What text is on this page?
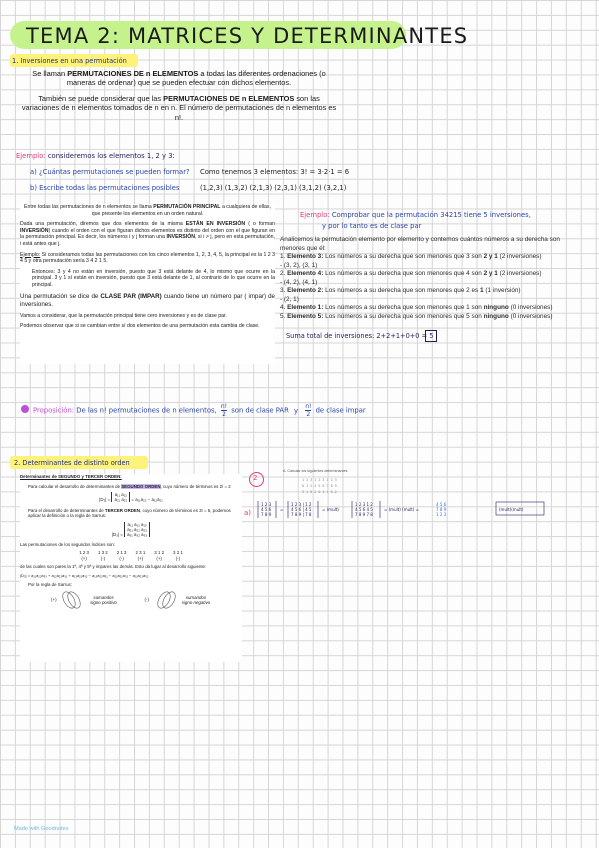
TEMA 2: MATRICES Y DETERMINANTES
1. Inversiones en una permutación

Se llaman PERMUTACIONES DE n ELEMENTOS a todas las diferentes ordenaciones (o maneras de ordenar) que se pueden efectuar con dichos elementos.

También se puede considerar que las PERMUTACIONES DE n ELEMENTOS son las variaciones de n elementos tomados de n en n. El número de permutaciones de n elementos es n!.

Ejemplo: consideremos los elementos 1, 2 y 3:
a) ¿Cuántas permutaciones se pueden formar? Como tenemos 3 elementos: 3! = 3·2·1 = 6
b) Escribe todas las permutaciones posibles	(1,2,3) (1,3,2) (2,1,3) (2,3,1) (3,1,2) (3,2,1)

Entre todas las permutaciones de n elementos se llama PERMUTACIÓN PRINCIPAL a cualquiera de ellas, que presente los elementos en un orden natural.

Dada una permutación, diremos que dos elementos de la misma ESTÁN EN INVERSIÓN ( o forman INVERSIÓN) cuando el orden con el que figuran dichos elementos es distinto del orden con el que figuran en la permutación principal. Es decir, los números i y j forman una INVERSIÓN, si i > j, pero en esta permutación, i está antes que j.

Ejemplo: Si consideramos todas las permutaciones con los cinco elementos 1, 2, 3, 4, 5, la principal es la 1 2 3 4 5 y otra permutación sería 3 4 2 1 5.

Entonces: 3 y 4 no están en inversión, puesto que 3 está delante de 4, lo mismo que ocurre en la principal. 3 y 1 sí están en inversión, puesto que 3 está delante de 1, al contrario de lo que ocurre en la principal.

Una permutación se dice de CLASE PAR (IMPAR) cuando tiene un número par ( impar) de inversiones.

Vamos a considerar, que la permutación principal tiene cero inversiones y es de clase par.

Podemos observar que si se cambian entre sí dos elementos de una permutación esta cambia de clase.

Ejemplo: Comprobar que la permutación 34215 tiene 5 inversiones,
y por lo tanto es de clase par
Analicemos la permutación elemento por elemento y contemos cuántos números a su derecha son
menores que él:
1. Elemento 3: Los números a su derecha que son menores que 3 son 2 y 1 (2 inversiones)
- (3, 2), (3, 1)
2. Elemento 4: Los números a su derecha que son menores que 4 son 2 y 1 (2 inversiones)
- (4, 2), (4, 1)
3. Elemento 2: Los números a su derecha que son menores que 2 es 1 (1 inversión)
- (2, 1)
4. Elemento 1: Los números a su derecha que son menores que 1 son ninguno (0 inversiones)
5. Elemento 5: Los números a su derecha que son menores que 5 son ninguno (0 inversiones)
Suma total de inversiones: 2+2+1+0+0 = 5
Proposición: De las n! permutaciones de n elementos, $\frac{n!}{2}$ son de clase PAR y $\frac{n!}{2}$ de clase impar
2. Determinantes de distinto orden

Determinantes de SEGUNDO y TERCER ORDEN:

Para calcular el desarrollo de determinantes de SEGUNDO ORDEN, cuyo número de términos es 2! = 2

|D₂| =
a₁₁ a₁₂
a₂₁ a₂₂ = a₁₁a₂₂ − a₁₂a₂₁

Para el desarrollo de determinantes de TERCER ORDEN, cuyo número de términos es 3! = 6, podemos aplicar la definición o la regla de Sarrus:

|D₃| =
a₁₁ a₁₂ a₁₃
a₂₁ a₂₂ a₂₃
a₃₁ a₃₂ a₃₃

Las permutaciones de los segundos índices son:

1 2 3
(+)
1 3 2
(-)
2 1 3
(-)
2 3 1
(+)
3 1 2
(+)
3 2 1
(-)

de las cuales son pares la 1ª, 4ª y 5ª y impares las demás. Esto da lugar al desarrollo siguiente:

|D₃| = a₁₁a₂₂a₃₃ + a₁₂a₂₃a₃₁ + a₁₃a₂₁a₃₂ − a₁₃a₂₂a₃₁ − a₁₂a₂₁a₃₃ − a₁₁a₂₃a₃₂

Por la regla de Sarrus:

(+)
sumandos signo positivo
(-)
sumandos signo negativo
2
A. Calcular los siguientes determinantes:
a)
1 2 3 1 2 3 1 2 3
0 1 2 4 5 6 7 8 9
3 1 0 2 0 1 1 0 2
1 2 3
4 5 6
7 8 9
=
1 2 3 | 1 2
4 5 6 | 4 5
7 8 9 | 7 8
= (mult)
1 2 3 1 2
4 5 6 4 5
7 8 9 7 8
= (mult) (mult) =	(mult)(mult)
4 5 6
7 8 9
1 2 3
Made with Goodnotes
